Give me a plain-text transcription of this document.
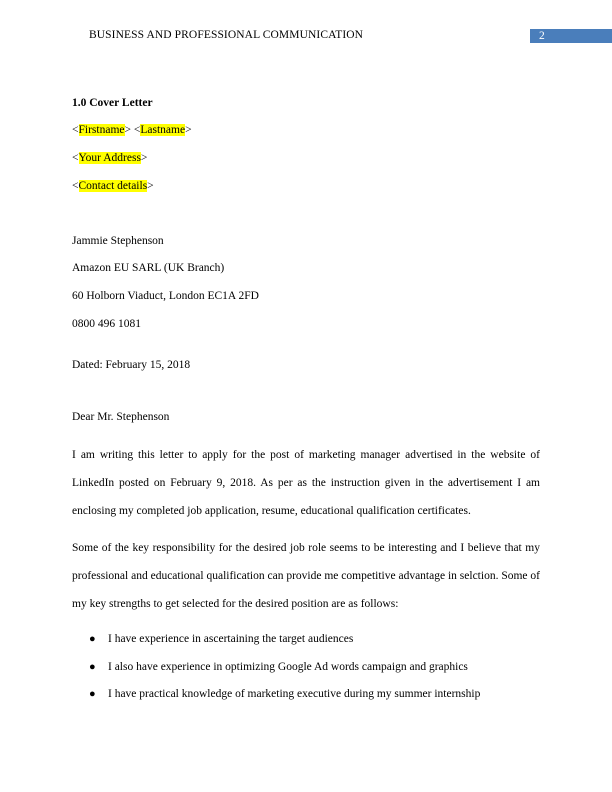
BUSINESS AND PROFESSIONAL COMMUNICATION	2
1.0 Cover Letter
<Firstname> <Lastname>
<Your Address>
<Contact details>
Jammie Stephenson
Amazon EU SARL (UK Branch)
60 Holborn Viaduct, London EC1A 2FD
0800 496 1081
Dated: February 15, 2018
Dear Mr. Stephenson
I am writing this letter to apply for the post of marketing manager advertised in the website of LinkedIn posted on February 9, 2018. As per as the instruction given in the advertisement I am enclosing my completed job application, resume, educational qualification certificates.
Some of the key responsibility for the desired job role seems to be interesting and I believe that my professional and educational qualification can provide me competitive advantage in selction. Some of my key strengths to get selected for the desired position are as follows:
● I have experience in ascertaining the target audiences
● I also have experience in optimizing Google Ad words campaign and graphics
● I have practical knowledge of marketing executive during my summer internship
